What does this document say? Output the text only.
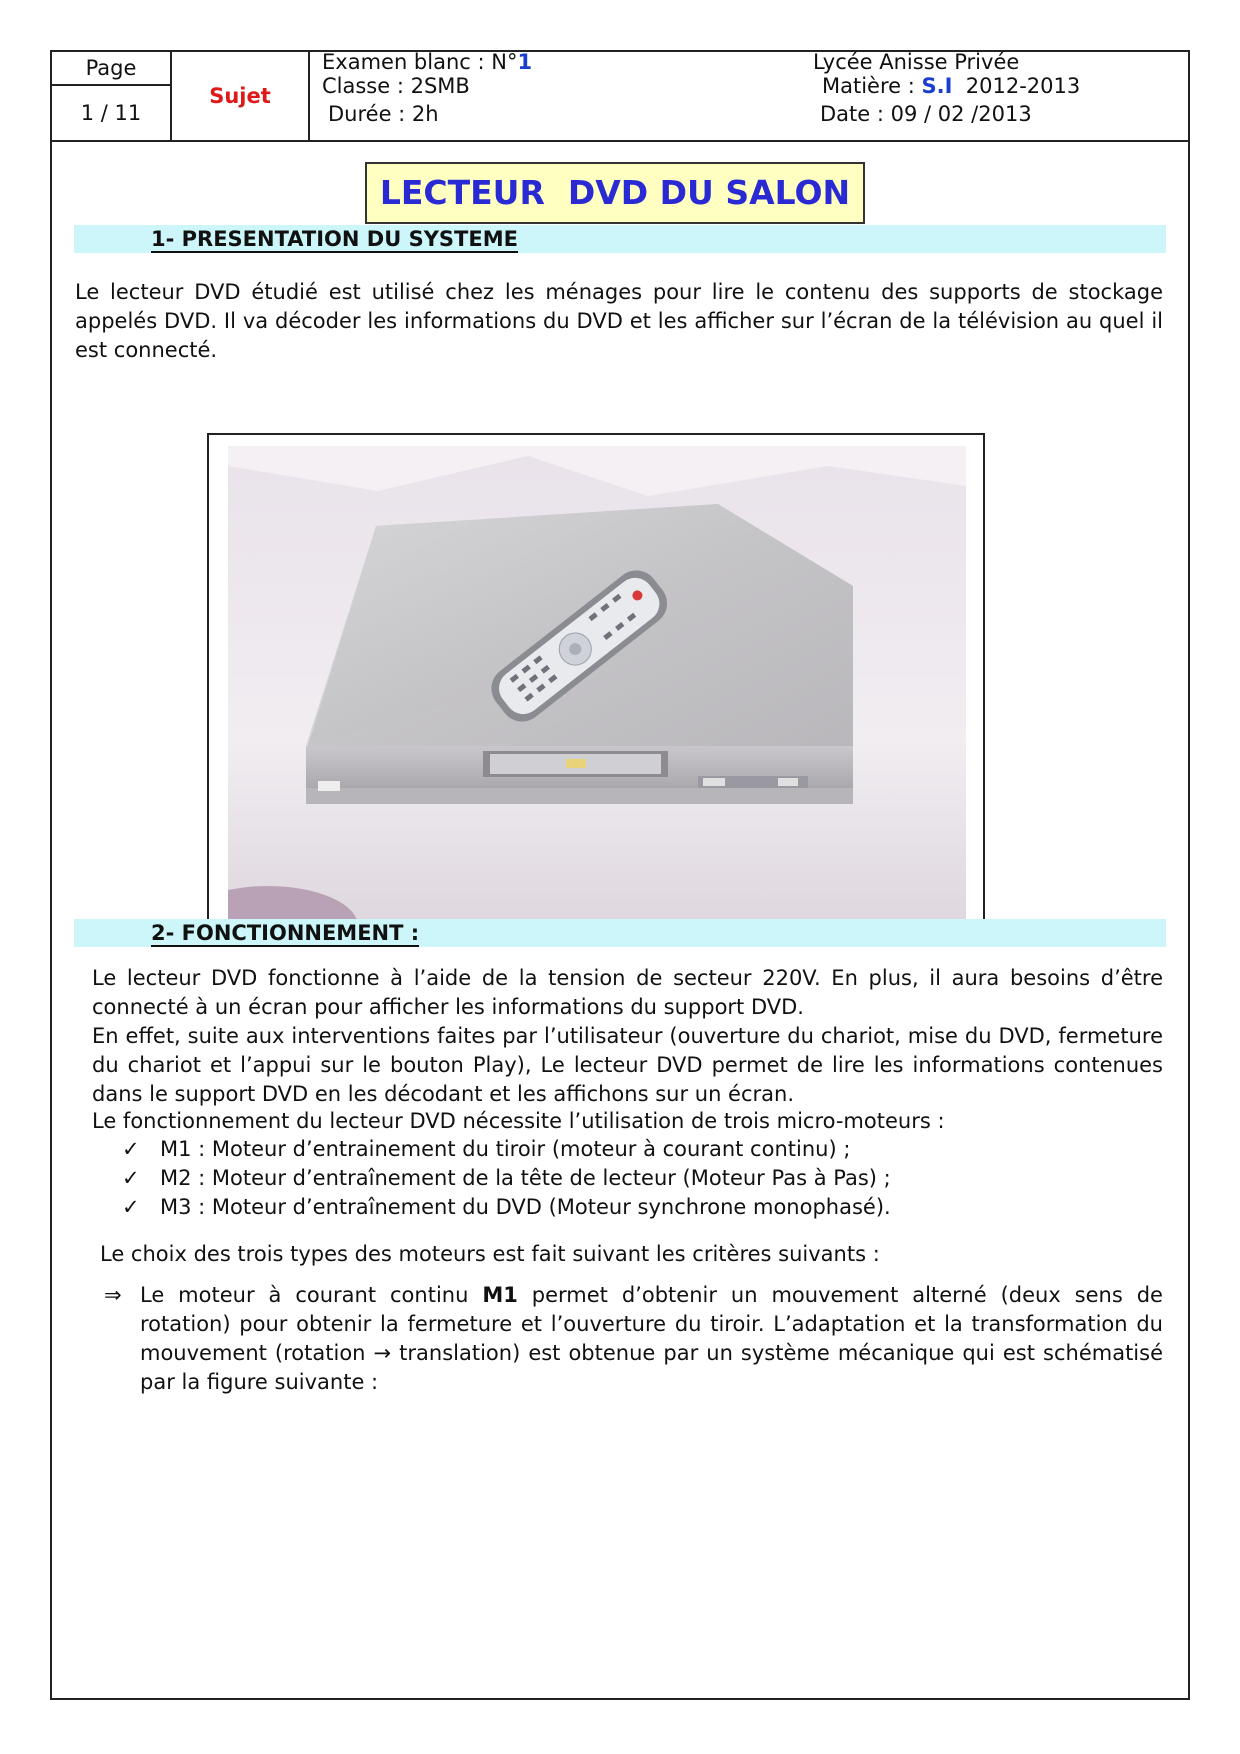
Page
1 / 11
Sujet
Examen blanc : N°1
Classe : 2SMB
Durée : 2h
Lycée Anisse Privée
Matière : S.I 2012-2013
Date : 09 / 02 /2013
LECTEUR  DVD DU SALON
1- PRESENTATION DU SYSTEME
Le lecteur DVD étudié est utilisé chez les ménages pour lire le contenu des supports de stockage appelés DVD. Il va décoder les informations du DVD et les afficher sur l’écran de la télévision au quel il est connecté.
2- FONCTIONNEMENT :
Le lecteur DVD fonctionne à l’aide de la tension de secteur 220V. En plus, il aura besoins d’être connecté à un écran pour afficher les informations du support DVD.
En effet, suite aux interventions faites par l’utilisateur (ouverture du chariot, mise du DVD, fermeture du chariot et l’appui sur le bouton Play), Le lecteur DVD permet de lire les informations contenues dans le support DVD en les décodant et les affichons sur un écran.
Le fonctionnement du lecteur DVD nécessite l’utilisation de trois micro-moteurs :
✓ M1 : Moteur d’entrainement du tiroir (moteur à courant continu) ;
✓ M2 : Moteur d’entraînement de la tête de lecteur (Moteur Pas à Pas) ;
✓ M3 : Moteur d’entraînement du DVD (Moteur synchrone monophasé).
Le choix des trois types des moteurs est fait suivant les critères suivants :
⇒ Le moteur à courant continu M1 permet d’obtenir un mouvement alterné (deux sens de rotation) pour obtenir la fermeture et l’ouverture du tiroir. L’adaptation et la transformation du mouvement (rotation → translation) est obtenue par un système mécanique qui est schématisé par la figure suivante :
